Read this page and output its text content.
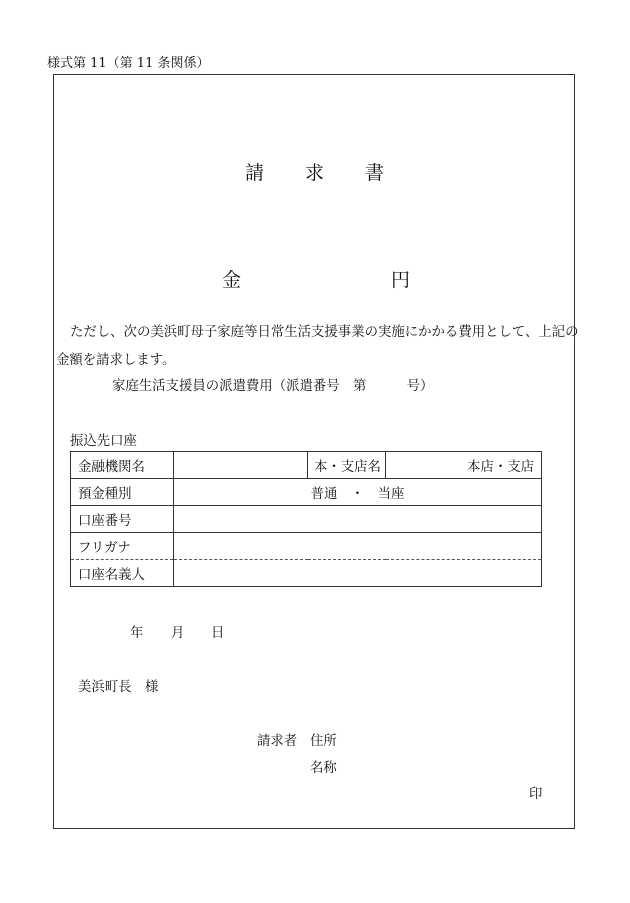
様式第 11（第 11 条関係）
請 求 書
金	円
ただし、次の美浜町母子家庭等日常生活支援事業の実施にかかる費用として、上記の
金額を請求します。
家庭生活支援員の派遣費用（派遣番号　第　　　号）
振込先口座
金融機関名		本・支店名	本店・支店
預金種別	普通　・　当座		
口座番号			
フリガナ			
口座名義人			
年 月 日
美浜町長　様
請求者 住所
名称
印
